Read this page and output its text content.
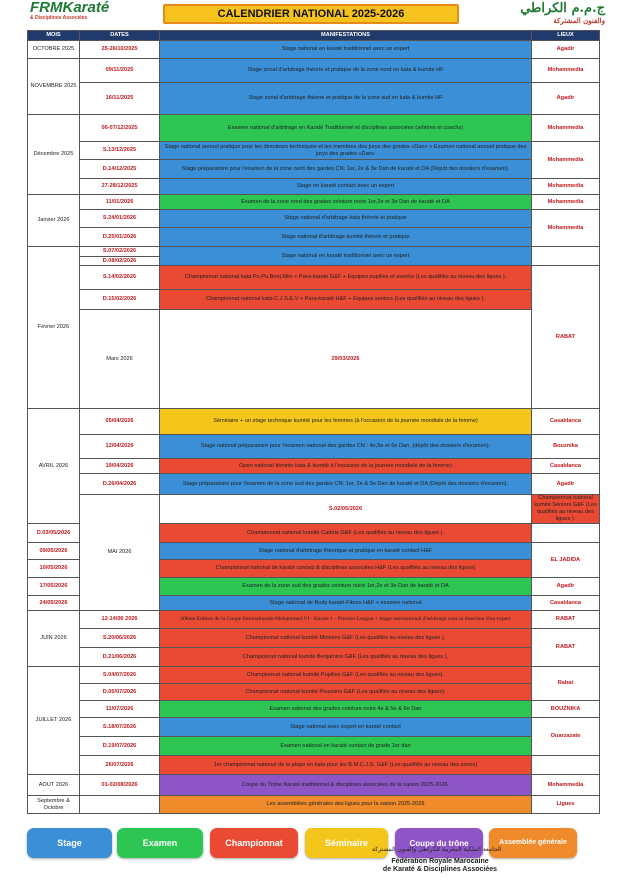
FRMKaraté
& Disciplines Associées	CALENDRIER NATIONAL 2025-2026	ج.م.م الكراطي
والفنون المشتركة
MOIS	DATES	MANIFESTATIONS	LIEUX	
OCTOBRE 2025	25-26/10/2025	Stage national en karaté traditionnel avec un expert	Agadir	
NOVEMBRE 2025	09/11/2025	Stage zonal d'arbitrage théorie et pratique de la zone nord en kata & kumite HF	Mohammedia	
	16/11/2025	Stage zonal d'arbitrage théorie et pratique de la zone sud en kata & kumite HF	Agadir	
Décembre 2025	06-07/12/2025	Examen national d'arbitrage en Karaté Traditionnel et disciplines associées (arbitres et coachs)	Mohammedia	
	S.13/12/2025	Stage national annuel pratique pour les directeurs techniques et les membres des jurys des grades «Dan» + Examen national annuel pratique des jurys des grades «Dan»	Mohammedia	
	D.14/12/2025	Stage préparatoire pour l'examen de la zone nord des gardes CN: 1er, 2e & 3e Dan de karaté et DA (Dépôt des dossiers d'examen).		
	27-28/12/2025	Stage en karaté contact avec un expert	Mohammedia	
Janvier 2026	11/01/2026	Examen de la zone nord des grades ceinture noire 1er,2e et 3e Dan de karaté et DA	Mohammedia	
	S.24/01/2026	Stage national d'arbitrage kata théorie et pratique	Mohammedia	
	D.25/01/2026	Stage national d'arbitrage kumité théorie et pratique		
Février 2026	S.07/02/2026	Stage national en karaté traditionnel avec un expert		
	D.08/02/2026			
	S.14/02/2026	Championnat national kata Po.Pu.Benj.Mini + Para-karaté G&F + Equipes pupilles et avenirs (Les qualifiés au niveau des ligues ).	RABAT	
	D.15/02/2026	Championnat national kata C.J.S.E.V + Para-karaté H&F + Equipes seniors (Les qualifiés au niveau des ligues ).		
	Mars 2026	29/03/2026		
AVRIL 2026	05/04/2026	Séminaire + un stage technique kumité pour les femmes (à l'occasion de la journée mondiale de la femme)	Casablanca	
	12/04/2026	Stage national préparatoire pour l'examen national des gardes CN : 4e,5e et 6e Dan, (dépôt des dossiers d'examen).	Bouznika	
	19/04/2026	Open national féminin kata & kumité à l'occasion de la journée mondiale de la femme)	Casablanca	
	D.26/04/2026	Stage préparatoire pour l'examen de la zone sud des gardes CN: 1er, 2e & 3e Dan de karaté et DA (Dépôt des dossiers d'examen).	Agadir	
	MAI 2026	S.02/05/2026	Championnat national kumité Séniors G&F (Les qualifiés au niveau des ligues ).	
D.03/05/2026		Championnat national kumité Cadets G&F (Les qualifiés au niveau des ligues ).		
09/05/2026		Stage national d'arbitrage théorique et pratique en karaté contact H&F	EL JADIDA	
10/05/2026		Championnat national de karaté contact & disciplines associées H&F (Les qualifiés au niveau des ligues)		
17/05/2026		Examen de la zone sud des grades ceinture noire 1er,2e et 3e Dan de karaté et DA	Agadir	
24/05/2026		Stage national de Body karaté-Fitnes H&F + examen national	Casablanca	
JUIN 2026	12-14/06 2026	20ème Edition de la Coupe Internationale Mohammed VI - Karate 1 - Premier League + Stage international d'arbitrage sous la direction d'un expert	RABAT	
	S.20/06/2026	Championnat national kumité Minimes G&F (Les qualifiés au niveau des ligues ).	RABAT	
	D.21/06/2026	Championnat national kumité Benjamins G&F (Les qualifiés au niveau des ligues ).		
JUILLET 2026	S.04/07/2026	Championnat national kumité Pupilles G&F (Les qualifiés au niveau des ligues).	Rabat	
	D.05/07/2026	Championnat national kumité Poussins G&F (Les qualifiés au niveau des ligues).		
	11/07/2026	Examen national des grades ceinture noire 4e & 5e & 6e Dan	BOUZNIKA	
	S.18/07/2026	Stage national avec expert en karaté contact	Ouarzazate	
	D.19/07/2026	Examen national en karaté contact de grade 1er dan		
	26/07/2026	1er championnat national de la plage en kata pour les B.M.C.J.S. G&F (Les qualifiés au niveau des zones)		
AOUT 2026	01-02/08/2026	Coupe du Trône Karaté traditionnel & disciplines associées de la saison 2025-2026.	Mohammedia	
Septembre & Octobre		Les assemblées générales des ligues pour la saison 2025-2026	Ligues	
Stage	Examen	Championnat	Séminaire	Coupe du trône	Assemblée générale
الجامعة الملكية المغربية للكراطي والفنون المشتركة
Fédération Royale Marocaine
de Karaté & Disciplines Associées
